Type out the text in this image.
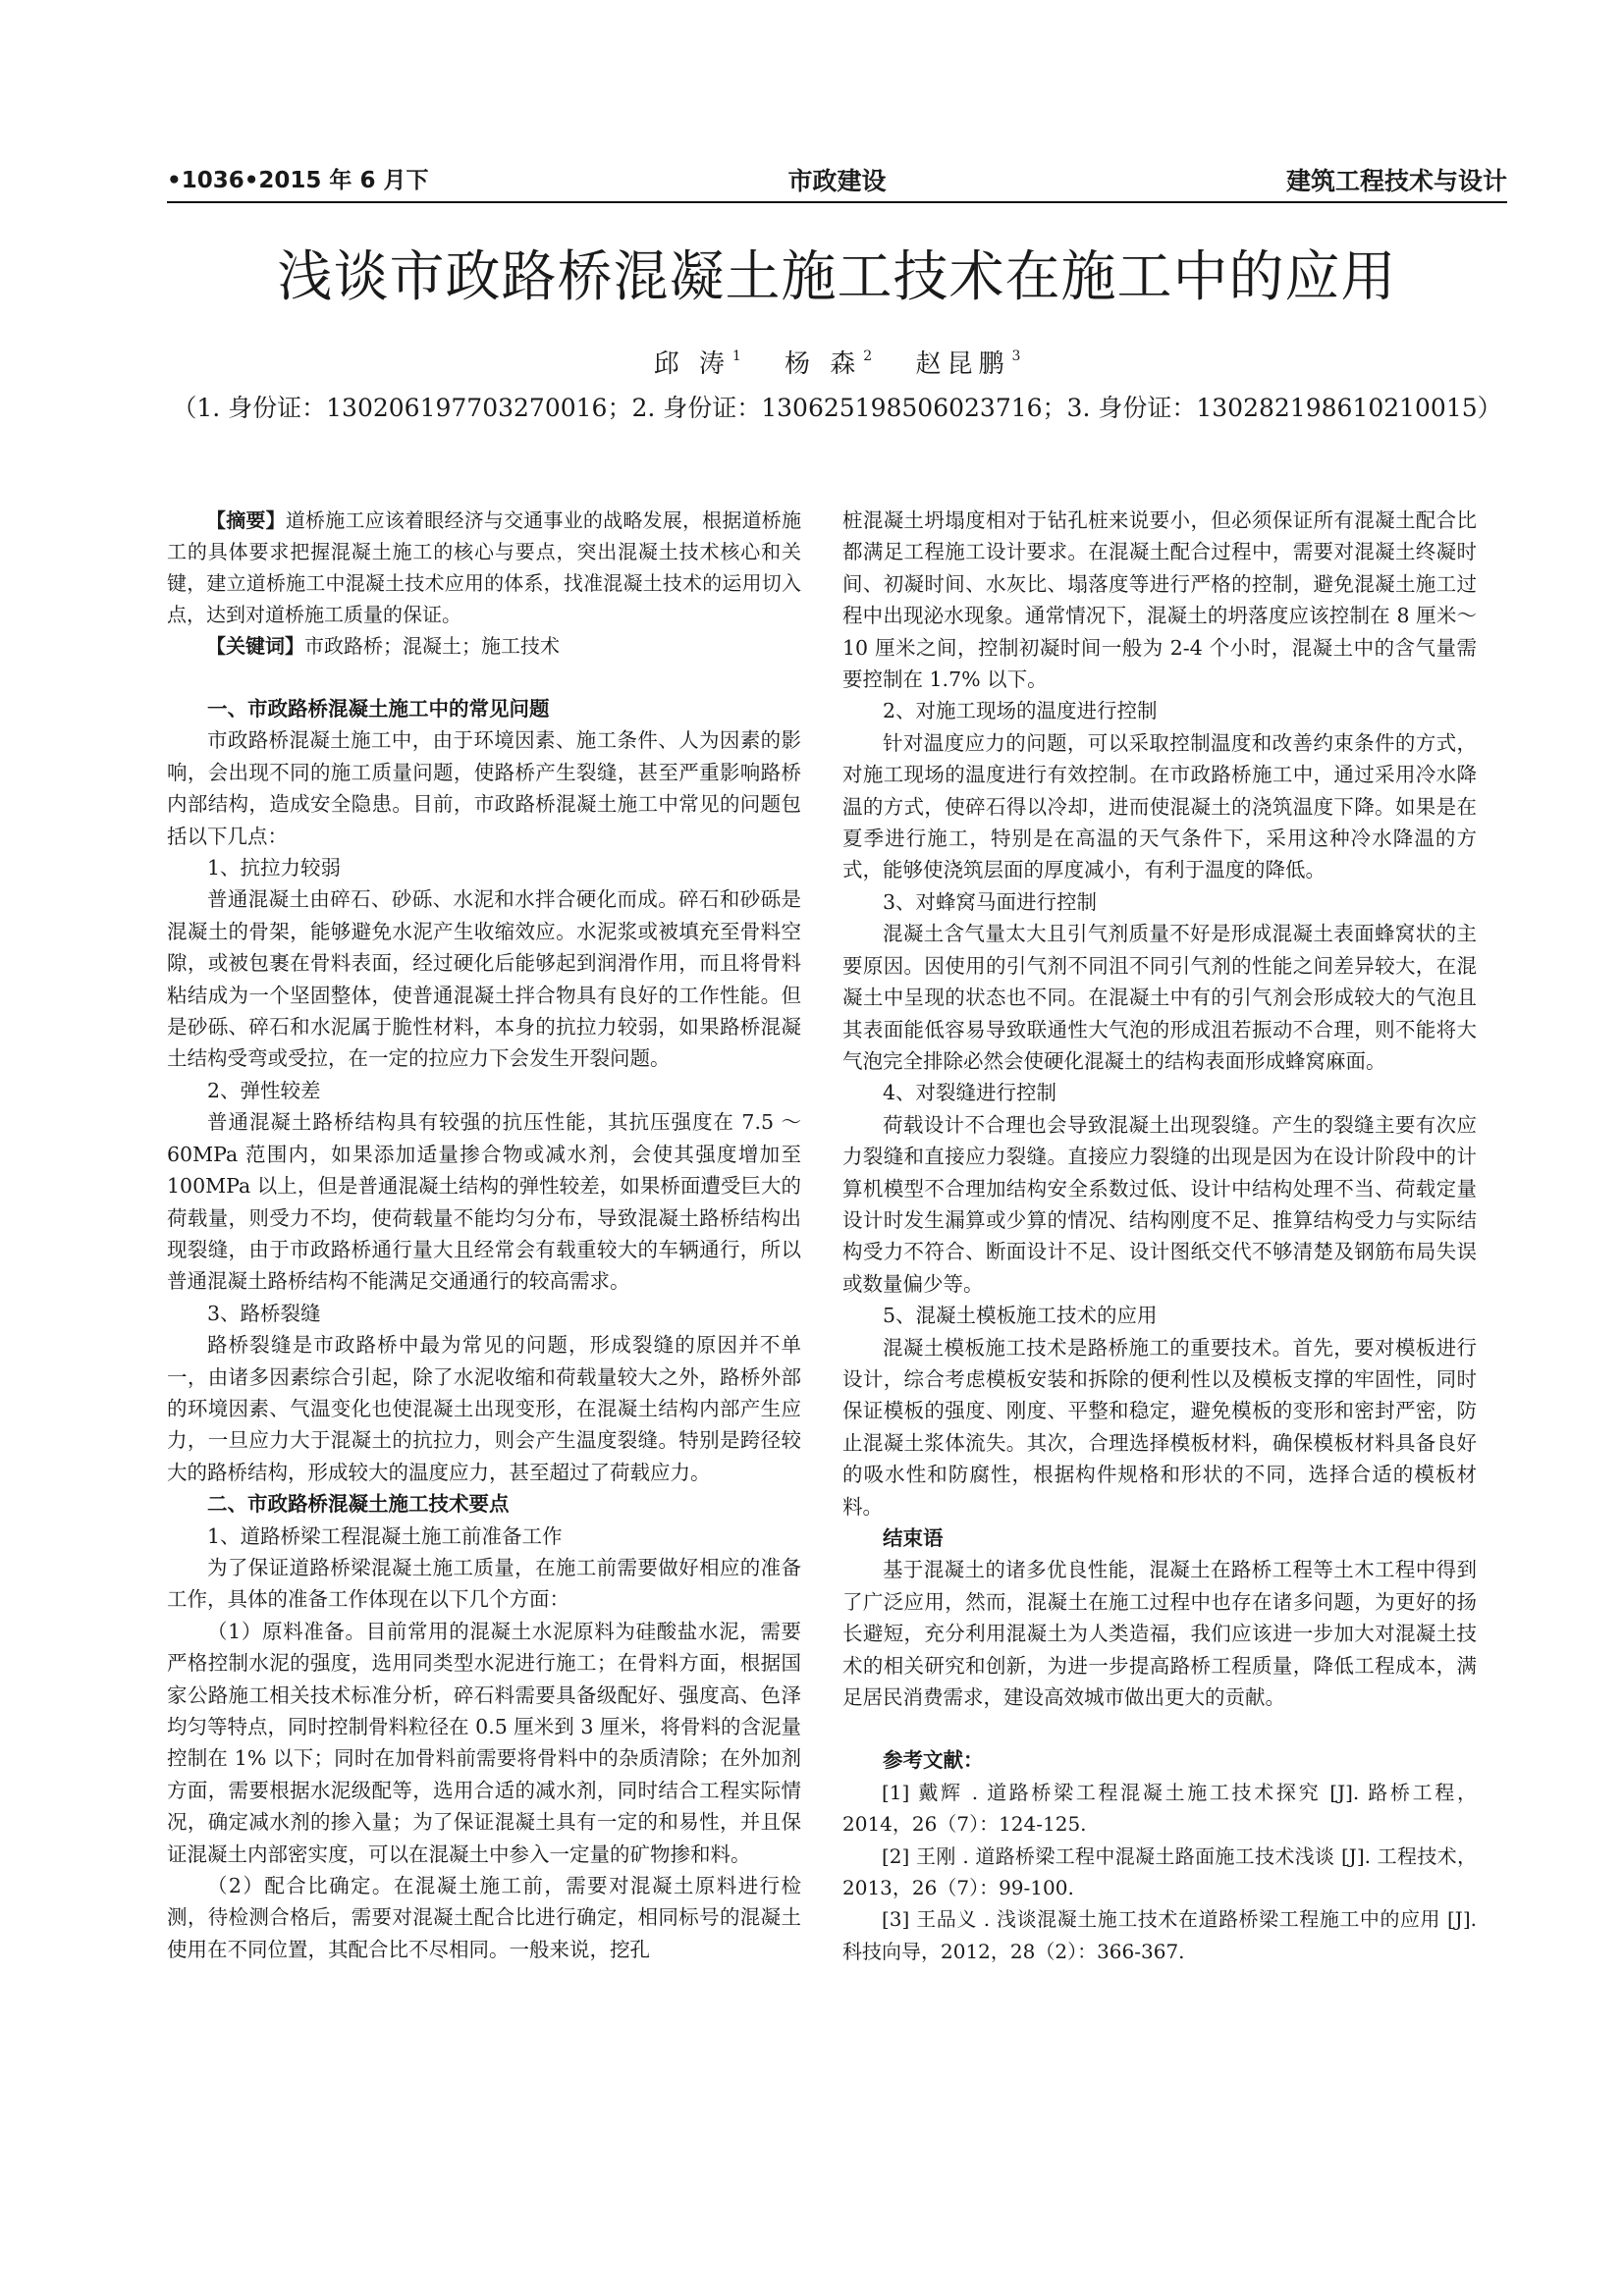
•1036•2015 年 6 月下	市政建设	建筑工程技术与设计
浅谈市政路桥混凝土施工技术在施工中的应用
邱 涛 $^1$ 杨 森 $^2$ 赵昆鹏 $^3$
（1. 身份证：130206197703270016；2. 身份证：130625198506023716；3. 身份证：130282198610210015）

【摘要】道桥施工应该着眼经济与交通事业的战略发展，根据道桥施工的具体要求把握混凝土施工的核心与要点，突出混凝土技术核心和关键，建立道桥施工中混凝土技术应用的体系，找准混凝土技术的运用切入点，达到对道桥施工质量的保证。

【关键词】市政路桥；混凝土；施工技术

一、市政路桥混凝土施工中的常见问题

市政路桥混凝土施工中，由于环境因素、施工条件、人为因素的影响，会出现不同的施工质量问题，使路桥产生裂缝，甚至严重影响路桥内部结构，造成安全隐患。目前，市政路桥混凝土施工中常见的问题包括以下几点：

1、抗拉力较弱

普通混凝土由碎石、砂砾、水泥和水拌合硬化而成。碎石和砂砾是混凝土的骨架，能够避免水泥产生收缩效应。水泥浆或被填充至骨料空隙，或被包裹在骨料表面，经过硬化后能够起到润滑作用，而且将骨料粘结成为一个坚固整体，使普通混凝土拌合物具有良好的工作性能。但是砂砾、碎石和水泥属于脆性材料，本身的抗拉力较弱，如果路桥混凝土结构受弯或受拉，在一定的拉应力下会发生开裂问题。

2、弹性较差

普通混凝土路桥结构具有较强的抗压性能，其抗压强度在 7.5 ～ 60MPa 范围内，如果添加适量掺合物或减水剂，会使其强度增加至 100MPa 以上，但是普通混凝土结构的弹性较差，如果桥面遭受巨大的荷载量，则受力不均，使荷载量不能均匀分布，导致混凝土路桥结构出现裂缝，由于市政路桥通行量大且经常会有载重较大的车辆通行，所以普通混凝土路桥结构不能满足交通通行的较高需求。

3、路桥裂缝

路桥裂缝是市政路桥中最为常见的问题，形成裂缝的原因并不单一，由诸多因素综合引起，除了水泥收缩和荷载量较大之外，路桥外部的环境因素、气温变化也使混凝土出现变形，在混凝土结构内部产生应力，一旦应力大于混凝土的抗拉力，则会产生温度裂缝。特别是跨径较大的路桥结构，形成较大的温度应力，甚至超过了荷载应力。

二、市政路桥混凝土施工技术要点

1、道路桥梁工程混凝土施工前准备工作

为了保证道路桥梁混凝土施工质量，在施工前需要做好相应的准备工作，具体的准备工作体现在以下几个方面：

（1）原料准备。目前常用的混凝土水泥原料为硅酸盐水泥，需要严格控制水泥的强度，选用同类型水泥进行施工；在骨料方面，根据国家公路施工相关技术标准分析，碎石料需要具备级配好、强度高、色泽均匀等特点，同时控制骨料粒径在 0.5 厘米到 3 厘米，将骨料的含泥量控制在 1% 以下；同时在加骨料前需要将骨料中的杂质清除；在外加剂方面，需要根据水泥级配等，选用合适的减水剂，同时结合工程实际情况，确定减水剂的掺入量；为了保证混凝土具有一定的和易性，并且保证混凝土内部密实度，可以在混凝土中参入一定量的矿物掺和料。

（2）配合比确定。在混凝土施工前，需要对混凝土原料进行检测，待检测合格后，需要对混凝土配合比进行确定，相同标号的混凝土使用在不同位置，其配合比不尽相同。一般来说，挖孔

桩混凝土坍塌度相对于钻孔桩来说要小，但必须保证所有混凝土配合比都满足工程施工设计要求。在混凝土配合过程中，需要对混凝土终凝时间、初凝时间、水灰比、塌落度等进行严格的控制，避免混凝土施工过程中出现泌水现象。通常情况下，混凝土的坍落度应该控制在 8 厘米～ 10 厘米之间，控制初凝时间一般为 2-4 个小时，混凝土中的含气量需要控制在 1.7% 以下。

2、对施工现场的温度进行控制

针对温度应力的问题，可以采取控制温度和改善约束条件的方式，对施工现场的温度进行有效控制。在市政路桥施工中，通过采用冷水降温的方式，使碎石得以冷却，进而使混凝土的浇筑温度下降。如果是在夏季进行施工，特别是在高温的天气条件下，采用这种冷水降温的方式，能够使浇筑层面的厚度减小，有利于温度的降低。

3、对蜂窝马面进行控制

混凝土含气量太大且引气剂质量不好是形成混凝土表面蜂窝状的主要原因。因使用的引气剂不同沮不同引气剂的性能之间差异较大，在混凝土中呈现的状态也不同。在混凝土中有的引气剂会形成较大的气泡且其表面能低容易导致联通性大气泡的形成沮若振动不合理，则不能将大气泡完全排除必然会使硬化混凝土的结构表面形成蜂窝麻面。

4、对裂缝进行控制

荷载设计不合理也会导致混凝土出现裂缝。产生的裂缝主要有次应力裂缝和直接应力裂缝。直接应力裂缝的出现是因为在设计阶段中的计算机模型不合理加结构安全系数过低、设计中结构处理不当、荷载定量设计时发生漏算或少算的情况、结构刚度不足、推算结构受力与实际结构受力不符合、断面设计不足、设计图纸交代不够清楚及钢筋布局失误或数量偏少等。

5、混凝土模板施工技术的应用

混凝土模板施工技术是路桥施工的重要技术。首先，要对模板进行设计，综合考虑模板安装和拆除的便利性以及模板支撑的牢固性，同时保证模板的强度、刚度、平整和稳定，避免模板的变形和密封严密，防止混凝土浆体流失。其次，合理选择模板材料，确保模板材料具备良好的吸水性和防腐性，根据构件规格和形状的不同，选择合适的模板材料。

结束语

基于混凝土的诸多优良性能，混凝土在路桥工程等土木工程中得到了广泛应用，然而，混凝土在施工过程中也存在诸多问题，为更好的扬长避短，充分利用混凝土为人类造福，我们应该进一步加大对混凝土技术的相关研究和创新，为进一步提高路桥工程质量，降低工程成本，满足居民消费需求，建设高效城市做出更大的贡献。

参考文献：

[1] 戴辉 . 道路桥梁工程混凝土施工技术探究 [J]. 路桥工程，2014，26（7）：124-125.

[2] 王刚 . 道路桥梁工程中混凝土路面施工技术浅谈 [J]. 工程技术，2013，26（7）：99-100.

[3] 王品义 . 浅谈混凝土施工技术在道路桥梁工程施工中的应用 [J]. 科技向导，2012，28（2）：366-367.
